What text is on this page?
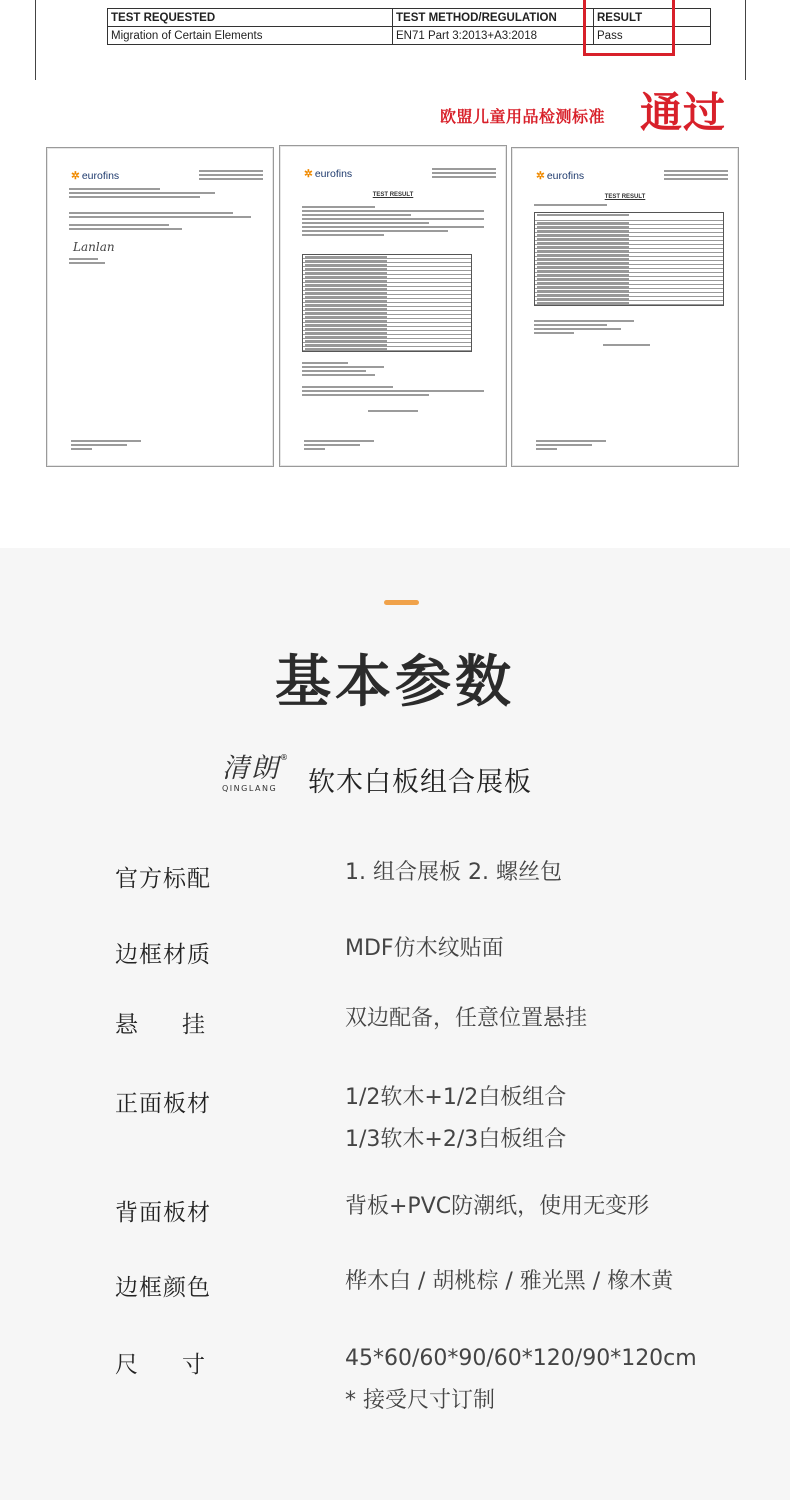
TEST REQUESTED	TEST METHOD/REGULATION	RESULT
Migration of Certain Elements	EN71 Part 3:2013+A3:2018	Pass
欧盟儿童用品检测标准 通过
✲ eurofins
Lanlan
✲ eurofins
TEST RESULT
✲ eurofins
TEST RESULT
基本参数
清朗
QINGLANG
®
软木白板组合展板
官方标配	1. 组合展板 2. 螺丝包
边框材质	MDF仿木纹贴面
悬挂	双边配备，任意位置悬挂
正面板材	1/2软木+1/2白板组合
1/3软木+2/3白板组合
背面板材	背板+PVC防潮纸，使用无变形
边框颜色	桦木白 / 胡桃棕 / 雅光黑 / 橡木黄
尺寸	45*60/60*90/60*120/90*120cm
* 接受尺寸订制
